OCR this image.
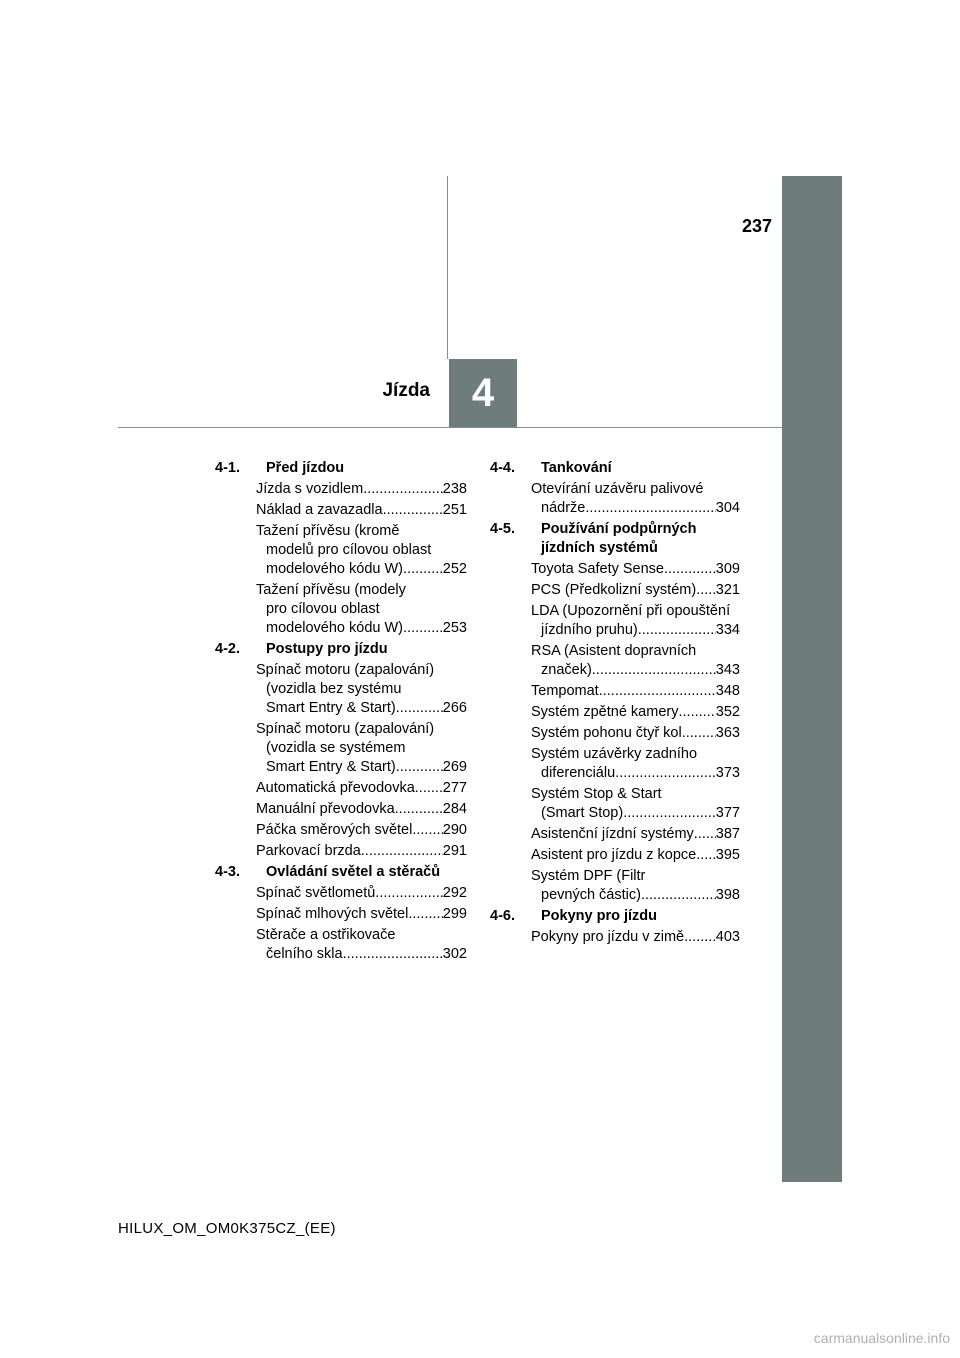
237
Jízda 4
4-1. Před jízdou
Jízda s vozidlem .....	238
Náklad a zavazadla .....	251
Tažení přívěsu (kromě
modelů pro cílovou oblast
modelového kódu W) .....	252
Tažení přívěsu (modely
pro cílovou oblast
modelového kódu W) .....	253
4-2. Postupy pro jízdu
Spínač motoru (zapalování)
(vozidla bez systému
Smart Entry & Start) .....	266
Spínač motoru (zapalování)
(vozidla se systémem
Smart Entry & Start) .....	269
Automatická převodovka ..... 277
Manuální převodovka .....	284
Páčka směrových světel ..... 290
Parkovací brzda .....	291
4-3. Ovládání světel a stěračů
Spínač světlometů .....	292
Spínač mlhových světel ..... 299
Stěrače a ostřikovače
čelního skla .....	302
4-4. Tankování
Otevírání uzávěru palivové
nádrže .....	304
4-5. Používání podpůrných
jízdních systémů
Toyota Safety Sense .....	309
PCS (Předkolizní systém) ..... 321
LDA (Upozornění při opouštění
jízdního pruhu) .....	334
RSA (Asistent dopravních
značek) .....	343
Tempomat .....	348
Systém zpětné kamery .....	352
Systém pohonu čtyř kol ..... 363
Systém uzávěrky zadního
diferenciálu .....	373
Systém Stop & Start
(Smart Stop) .....	377
Asistenční jízdní systémy ..... 387
Asistent pro jízdu z kopce ..... 395
Systém DPF (Filtr
pevných částic) .....	398
4-6. Pokyny pro jízdu
Pokyny pro jízdu v zimě ..... 403
HILUX_OM_OM0K375CZ_(EE)
carmanualsonline.info
